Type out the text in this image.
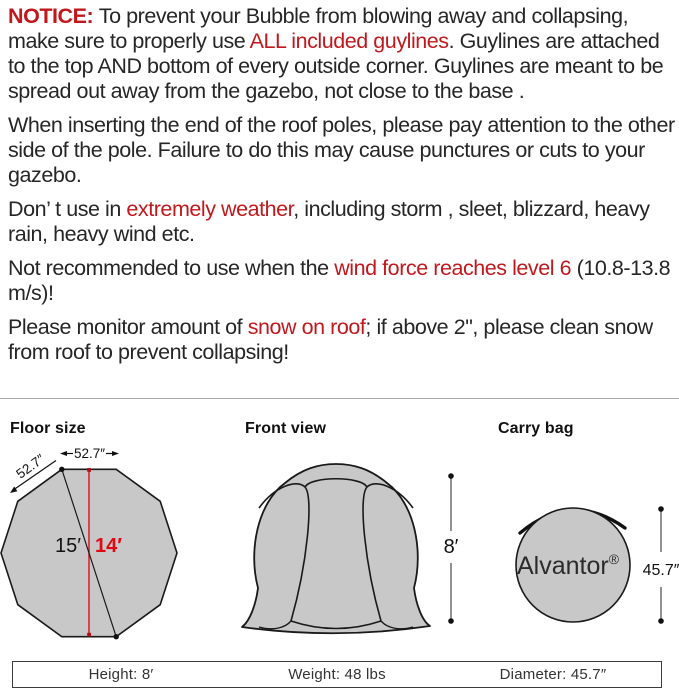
NOTICE: To prevent your Bubble from blowing away and collapsing, make sure to properly use ALL included guylines. Guylines are attached to the top AND bottom of every outside corner. Guylines are meant to be spread out away from the gazebo, not close to the base .

When inserting the end of the roof poles, please pay attention to the other side of the pole. Failure to do this may cause punctures or cuts to your gazebo.

Don’ t use in extremely weather, including storm , sleet, blizzard, heavy rain, heavy wind etc.

Not recommended to use when the wind force reaches level 6 (10.8-13.8 m/s)!

Please monitor amount of snow on roof; if above 2", please clean snow from roof to prevent collapsing!

Floor size	Front view	Carry bag
15′ 14′
52.7″
52.7″
8′
Alvantor®
45.7″
Height: 8′	Weight: 48 lbs	Diameter: 45.7″
